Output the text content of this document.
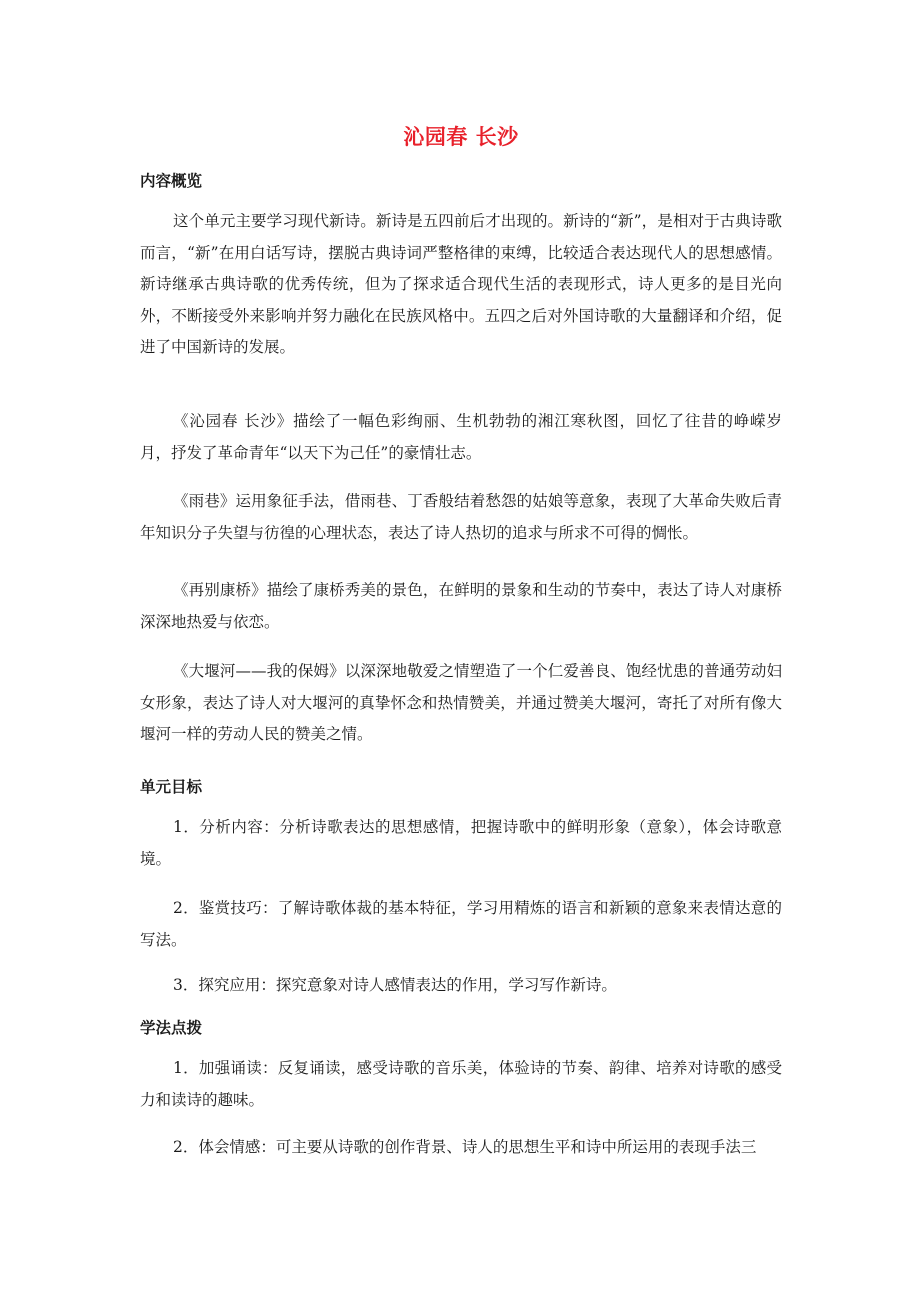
沁园春 长沙
内容概览

这个单元主要学习现代新诗。新诗是五四前后才出现的。新诗的“新”，是相对于古典诗歌而言，“新”在用白话写诗，摆脱古典诗词严整格律的束缚，比较适合表达现代人的思想感情。新诗继承古典诗歌的优秀传统，但为了探求适合现代生活的表现形式，诗人更多的是目光向外，不断接受外来影响并努力融化在民族风格中。五四之后对外国诗歌的大量翻译和介绍，促进了中国新诗的发展。

《沁园春 长沙》描绘了一幅色彩绚丽、生机勃勃的湘江寒秋图，回忆了往昔的峥嵘岁月，抒发了革命青年“以天下为己任”的豪情壮志。

《雨巷》运用象征手法，借雨巷、丁香般结着愁怨的姑娘等意象，表现了大革命失败后青年知识分子失望与彷徨的心理状态，表达了诗人热切的追求与所求不可得的惆怅。

《再别康桥》描绘了康桥秀美的景色，在鲜明的景象和生动的节奏中，表达了诗人对康桥深深地热爱与依恋。

《大堰河——我的保姆》以深深地敬爱之情塑造了一个仁爱善良、饱经忧患的普通劳动妇女形象，表达了诗人对大堰河的真挚怀念和热情赞美，并通过赞美大堰河，寄托了对所有像大堰河一样的劳动人民的赞美之情。

单元目标

1．分析内容：分析诗歌表达的思想感情，把握诗歌中的鲜明形象（意象），体会诗歌意境。

2．鉴赏技巧：了解诗歌体裁的基本特征，学习用精炼的语言和新颖的意象来表情达意的写法。

3．探究应用：探究意象对诗人感情表达的作用，学习写作新诗。

学法点拨

1．加强诵读：反复诵读，感受诗歌的音乐美，体验诗的节奏、韵律、培养对诗歌的感受力和读诗的趣味。

2．体会情感：可主要从诗歌的创作背景、诗人的思想生平和诗中所运用的表现手法三
